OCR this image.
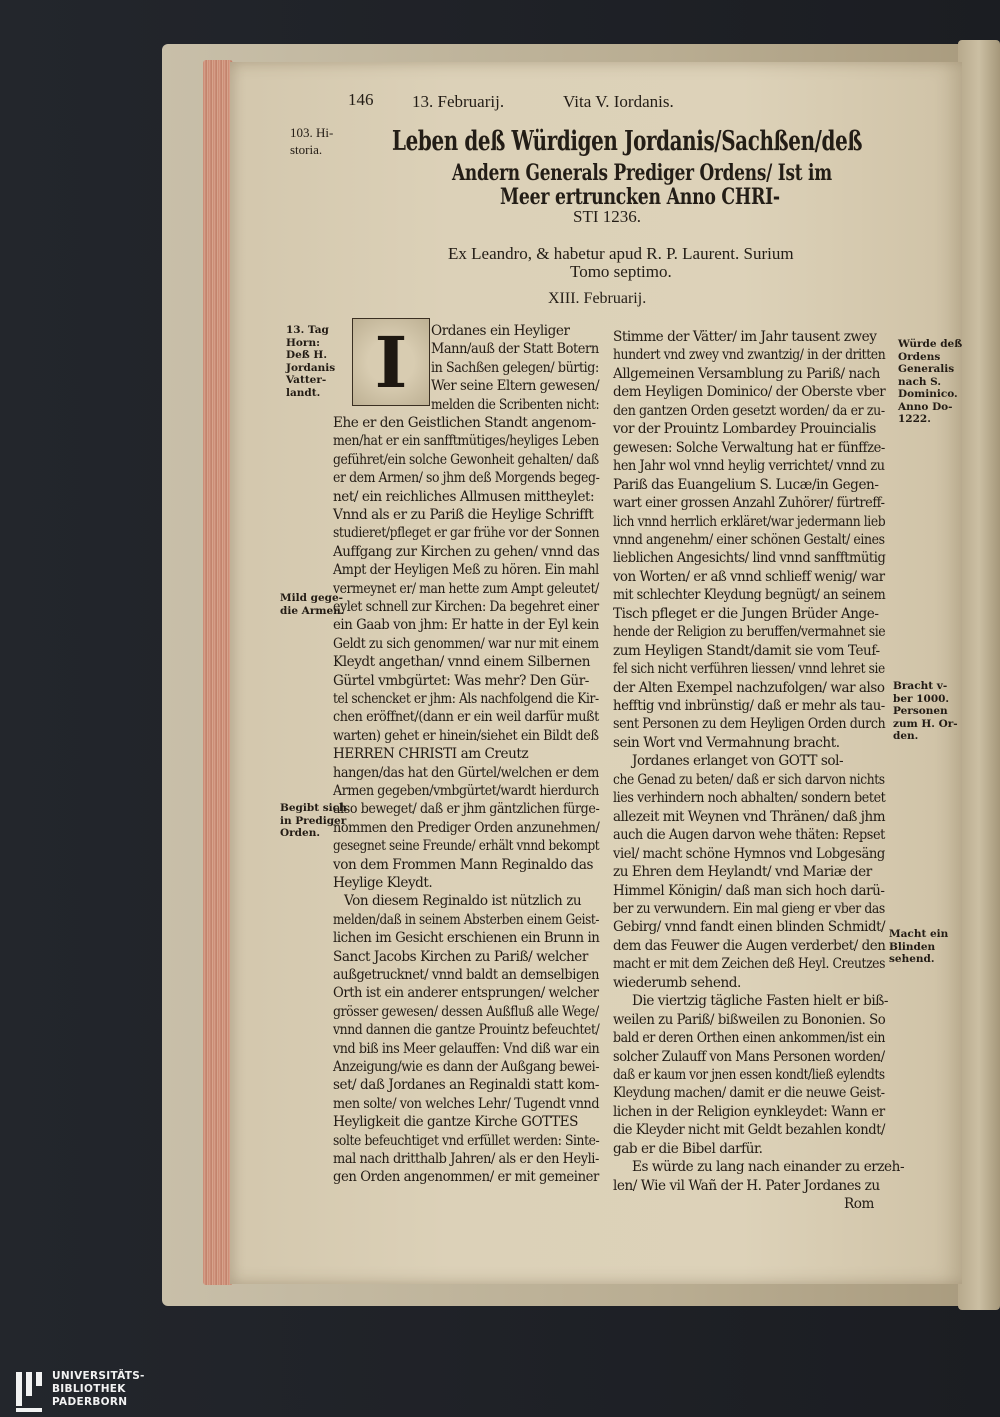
146 13. Februarij.	Vita V. Iordanis.
103. Hi-
storia.	Leben deß Würdigen Jordanis/Sachßen/deß
Andern Generals Prediger Ordens/ Ist im
Meer ertruncken Anno CHRI-
STI 1236.
Ex Leandro, & habetur apud R. P. Laurent. Surium
Tomo septimo.
XIII. Februarij.
I	Ordanes ein Heyliger
Mann/auß der Statt Botern
in Sachßen gelegen/ bürtig:
Wer seine Eltern gewesen/
melden die Scribenten nicht:
Ehe er den Geistlichen Standt angenom-
men/hat er ein sanfftmütiges/heyliges Leben
geführet/ein solche Gewonheit gehalten/ daß
er dem Armen/ so jhm deß Morgends begeg-
net/ ein reichliches Allmusen mittheylet:
Vnnd als er zu Pariß die Heylige Schrifft
studieret/pfleget er gar frühe vor der Sonnen
Auffgang zur Kirchen zu gehen/ vnnd das
Ampt der Heyligen Meß zu hören. Ein mahl
vermeynet er/ man hette zum Ampt geleutet/
eylet schnell zur Kirchen: Da begehret einer
ein Gaab von jhm: Er hatte in der Eyl kein
Geldt zu sich genommen/ war nur mit einem
Kleydt angethan/ vnnd einem Silbernen
Gürtel vmbgürtet: Was mehr? Den Gür-
tel schencket er jhm: Als nachfolgend die Kir-
chen eröffnet/(dann er ein weil darfür mußt
warten) gehet er hinein/siehet ein Bildt deß
HERREN CHRISTI am Creutz
hangen/das hat den Gürtel/welchen er dem
Armen gegeben/vmbgürtet/wardt hierdurch
also beweget/ daß er jhm gäntzlichen fürge-
nommen den Prediger Orden anzunehmen/
gesegnet seine Freunde/ erhält vnnd bekompt
von dem Frommen Mann Reginaldo das
Heylige Kleydt.
Von diesem Reginaldo ist nützlich zu
melden/daß in seinem Absterben einem Geist-
lichen im Gesicht erschienen ein Brunn in
Sanct Jacobs Kirchen zu Pariß/ welcher
außgetrucknet/ vnnd baldt an demselbigen
Orth ist ein anderer entsprungen/ welcher
grösser gewesen/ dessen Außfluß alle Wege/
vnnd dannen die gantze Prouintz befeuchtet/
vnd biß ins Meer gelauffen: Vnd diß war ein
Anzeigung/wie es dann der Außgang bewei-
set/ daß Jordanes an Reginaldi statt kom-
men solte/ von welches Lehr/ Tugendt vnnd
Heyligkeit die gantze Kirche GOTTES
solte befeuchtiget vnd erfüllet werden: Sinte-
mal nach dritthalb Jahren/ als er den Heyli-
gen Orden angenommen/ er mit gemeiner
Stimme der Vätter/ im Jahr tausent zwey
hundert vnd zwey vnd zwantzig/ in der dritten
Allgemeinen Versamblung zu Pariß/ nach
dem Heyligen Dominico/ der Oberste vber
den gantzen Orden gesetzt worden/ da er zu-
vor der Prouintz Lombardey Prouincialis
gewesen: Solche Verwaltung hat er fünffze-
hen Jahr wol vnnd heylig verrichtet/ vnnd zu
Pariß das Euangelium S. Lucæ/in Gegen-
wart einer grossen Anzahl Zuhörer/ fürtreff-
lich vnnd herrlich erkläret/war jedermann lieb
vnnd angenehm/ einer schönen Gestalt/ eines
lieblichen Angesichts/ lind vnnd sanfftmütig
von Worten/ er aß vnnd schlieff wenig/ war
mit schlechter Kleydung begnügt/ an seinem
Tisch pfleget er die Jungen Brüder Ange-
hende der Religion zu beruffen/vermahnet sie
zum Heyligen Standt/damit sie vom Teuf-
fel sich nicht verführen liessen/ vnnd lehret sie
der Alten Exempel nachzufolgen/ war also
hefftig vnd inbrünstig/ daß er mehr als tau-
sent Personen zu dem Heyligen Orden durch
sein Wort vnd Vermahnung bracht.
Jordanes erlanget von GOTT sol-
che Genad zu beten/ daß er sich darvon nichts
lies verhindern noch abhalten/ sondern betet
allezeit mit Weynen vnd Thränen/ daß jhm
auch die Augen darvon wehe thäten: Repset
viel/ macht schöne Hymnos vnd Lobgesäng
zu Ehren dem Heylandt/ vnd Mariæ der
Himmel Königin/ daß man sich hoch darü-
ber zu verwundern. Ein mal gieng er vber das
Gebirg/ vnnd fandt einen blinden Schmidt/
dem das Feuwer die Augen verderbet/ den
macht er mit dem Zeichen deß Heyl. Creutzes
wiederumb sehend.
Die viertzig tägliche Fasten hielt er biß-
weilen zu Pariß/ bißweilen zu Bononien. So
bald er deren Orthen einen ankommen/ist ein
solcher Zulauff von Mans Personen worden/
daß er kaum vor jnen essen kondt/ließ eylendts
Kleydung machen/ damit er die neuwe Geist-
lichen in der Religion eynkleydet: Wann er
die Kleyder nicht mit Geldt bezahlen kondt/
gab er die Bibel darfür.
Es würde zu lang nach einander zu erzeh-
len/ Wie vil Wañ der H. Pater Jordanes zu
Rom
13. Tag
Horn:
Deß H.
Jordanis
Vatter-
landt.
Mild gege-
die Armen.
Begibt sich
in Prediger
Orden.
Würde deß
Ordens
Generalis
nach S.
Dominico.
Anno Do-
1222.
Bracht v-
ber 1000.
Personen
zum H. Or-
den.
Macht ein
Blinden
sehend.
UNIVERSITÄTS-
BIBLIOTHEK
PADERBORN
